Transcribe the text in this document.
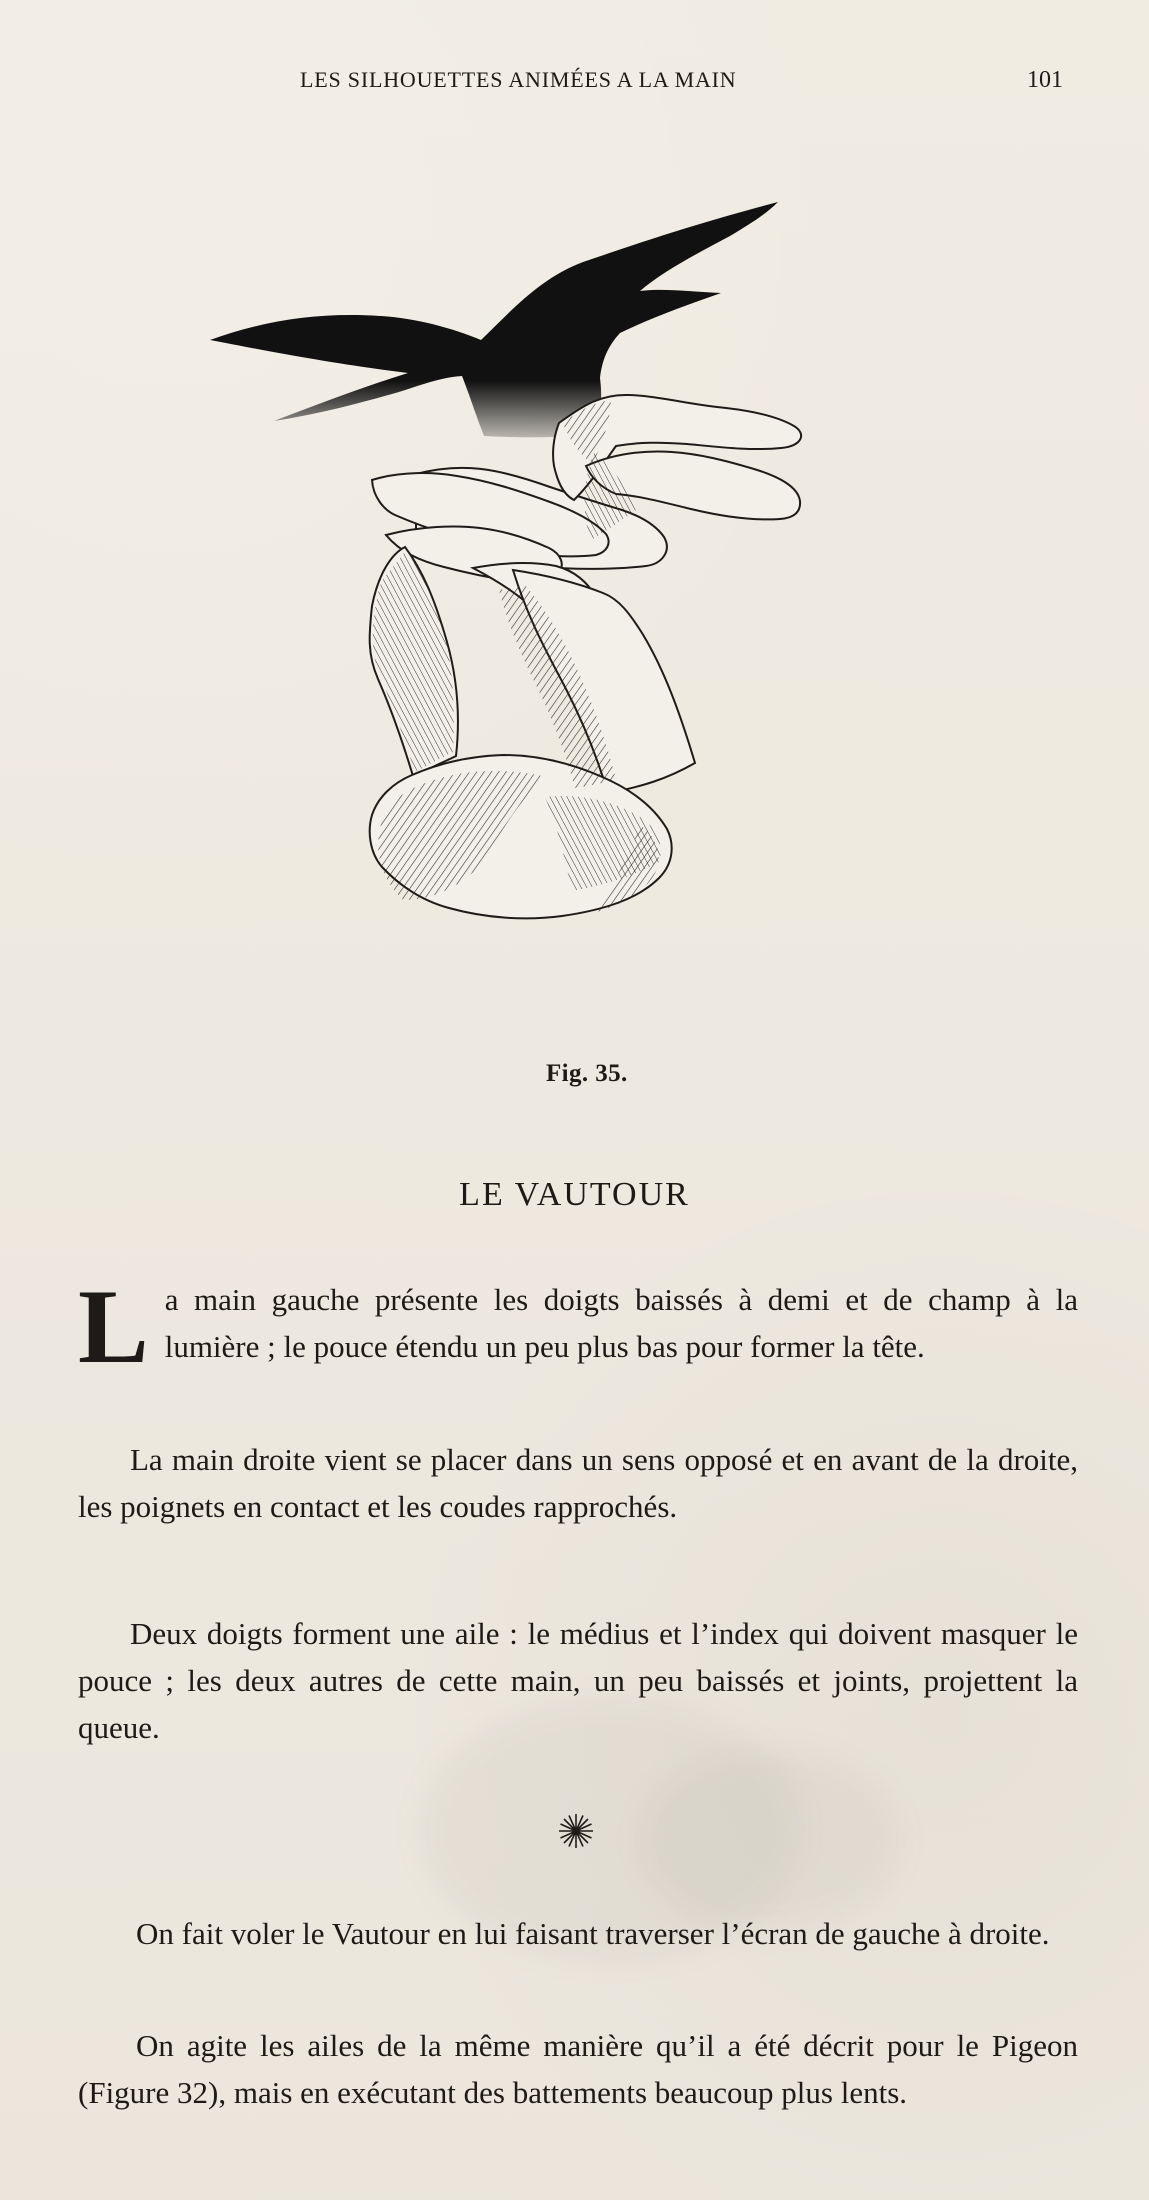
LES SILHOUETTES ANIMÉES A LA MAIN	101
Fig. 35.
LE VAUTOUR
L a main gauche présente les doigts baissés à demi et de champ à la lumière ; le pouce étendu un peu plus bas pour former la tête.

La main droite vient se placer dans un sens opposé et en avant de la droite, les poignets en contact et les coudes rapprochés.

Deux doigts forment une aile : le médius et l’index qui doivent masquer le pouce ; les deux autres de cette main, un peu baissés et joints, projettent la queue.

On fait voler le Vautour en lui faisant traverser l’écran de gauche à droite.

On agite les ailes de la même manière qu’il a été décrit pour le Pigeon (Figure 32), mais en exécutant des battements beaucoup plus lents.
